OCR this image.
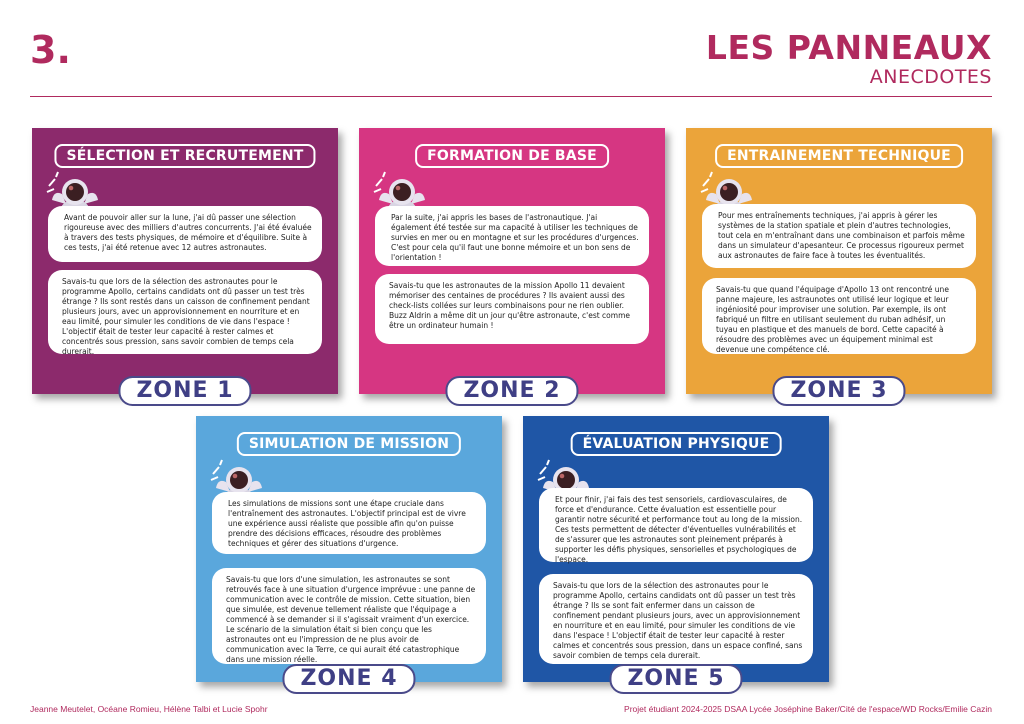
3.	LES PANNEAUX
ANECDOTES
SÉLECTION ET RECRUTEMENT
Avant de pouvoir aller sur la lune, j'ai dû passer une sélection rigoureuse avec des milliers d'autres concurrents. J'ai été évaluée à travers des tests physiques, de mémoire et d'équilibre. Suite à ces tests, j'ai été retenue avec 12 autres astronautes.
Savais-tu que lors de la sélection des astronautes pour le programme Apollo, certains candidats ont dû passer un test très étrange ? Ils sont restés dans un caisson de confinement pendant plusieurs jours, avec un approvisionnement en nourriture et en eau limité, pour simuler les conditions de vie dans l'espace ! L'objectif était de tester leur capacité à rester calmes et concentrés sous pression, sans savoir combien de temps cela durerait.
ZONE 1
FORMATION DE BASE
Par la suite, j'ai appris les bases de l'astronautique. J'ai également été testée sur ma capacité à utiliser les techniques de survies en mer ou en montagne et sur les procédures d'urgences. C'est pour cela qu'il faut une bonne mémoire et un bon sens de l'orientation !
Savais-tu que les astronautes de la mission Apollo 11 devaient mémoriser des centaines de procédures ? Ils avaient aussi des check-lists collées sur leurs combinaisons pour ne rien oublier. Buzz Aldrin a même dit un jour qu'être astronaute, c'est comme être un ordinateur humain !
ZONE 2
ENTRAINEMENT TECHNIQUE
Pour mes entraînements techniques, j'ai appris à gérer les systèmes de la station spatiale et plein d'autres technologies, tout cela en m'entraînant dans une combinaison et parfois même dans un simulateur d'apesanteur. Ce processus rigoureux permet aux astronautes de faire face à toutes les éventualités.
Savais-tu que quand l'équipage d'Apollo 13 ont rencontré une panne majeure, les astraunotes ont utilisé leur logique et leur ingéniosité pour improviser une solution. Par exemple, ils ont fabriqué un filtre en utilisant seulement du ruban adhésif, un tuyau en plastique et des manuels de bord. Cette capacité à résoudre des problèmes avec un équipement minimal est devenue une compétence clé.
ZONE 3
SIMULATION DE MISSION
Les simulations de missions sont une étape cruciale dans l'entraînement des astronautes. L'objectif principal est de vivre une expérience aussi réaliste que possible afin qu'on puisse prendre des décisions efficaces, résoudre des problèmes techniques et gérer des situations d'urgence.
Savais-tu que lors d'une simulation, les astronautes se sont retrouvés face à une situation d'urgence imprévue : une panne de communication avec le contrôle de mission. Cette situation, bien que simulée, est devenue tellement réaliste que l'équipage a commencé à se demander si il s'agissait vraiment d'un exercice. Le scénario de la simulation était si bien conçu que les astronautes ont eu l'impression de ne plus avoir de communication avec la Terre, ce qui aurait été catastrophique dans une mission réelle.
ZONE 4
ÉVALUATION PHYSIQUE
Et pour finir, j'ai fais des test sensoriels, cardiovasculaires, de force et d'endurance. Cette évaluation est essentielle pour garantir notre sécurité et performance tout au long de la mission. Ces tests permettent de détecter d'éventuelles vulnérabilités et de s'assurer que les astronautes sont pleinement préparés à supporter les défis physiques, sensorielles et psychologiques de l'espace.
Savais-tu que lors de la sélection des astronautes pour le programme Apollo, certains candidats ont dû passer un test très étrange ? Ils se sont fait enfermer dans un caisson de confinement pendant plusieurs jours, avec un approvisionnement en nourriture et en eau limité, pour simuler les conditions de vie dans l'espace ! L'objectif était de tester leur capacité à rester calmes et concentrés sous pression, dans un espace confiné, sans savoir combien de temps cela durerait.
ZONE 5
Jeanne Meutelet, Océane Romieu, Hélène Talbi et Lucie Spohr	Projet étudiant 2024-2025 DSAA Lycée Joséphine Baker/Cité de l'espace/WD Rocks/Emilie Cazin
